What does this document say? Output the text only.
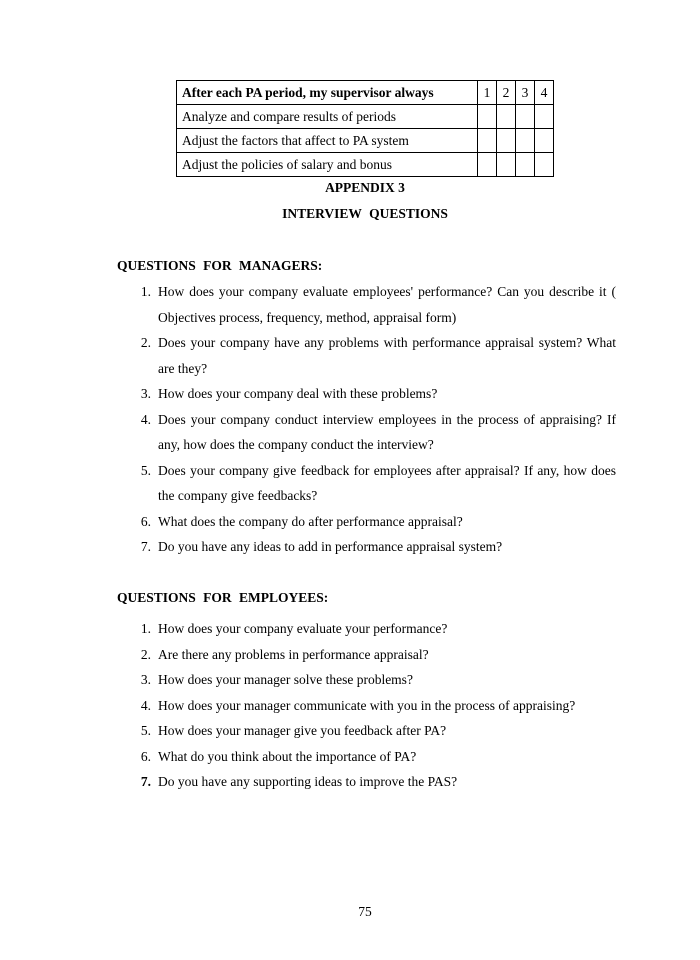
After each PA period, my supervisor always	1	2	3	4
Analyze and compare results of periods				
Adjust the factors that affect to PA system				
Adjust the policies of salary and bonus				
APPENDIX 3
INTERVIEW QUESTIONS
QUESTIONS FOR MANAGERS:
1. How does your company evaluate employees' performance? Can you describe it ( Objectives process, frequency, method, appraisal form)
2. Does your company have any problems with performance appraisal system? What are they?
3. How does your company deal with these problems?
4. Does your company conduct interview employees in the process of appraising? If any, how does the company conduct the interview?
5. Does your company give feedback for employees after appraisal? If any, how does the company give feedbacks?
6. What does the company do after performance appraisal?
7. Do you have any ideas to add in performance appraisal system?
QUESTIONS FOR EMPLOYEES:
1. How does your company evaluate your performance?
2. Are there any problems in performance appraisal?
3. How does your manager solve these problems?
4. How does your manager communicate with you in the process of appraising?
5. How does your manager give you feedback after PA?
6. What do you think about the importance of PA?
7. Do you have any supporting ideas to improve the PAS?
75
